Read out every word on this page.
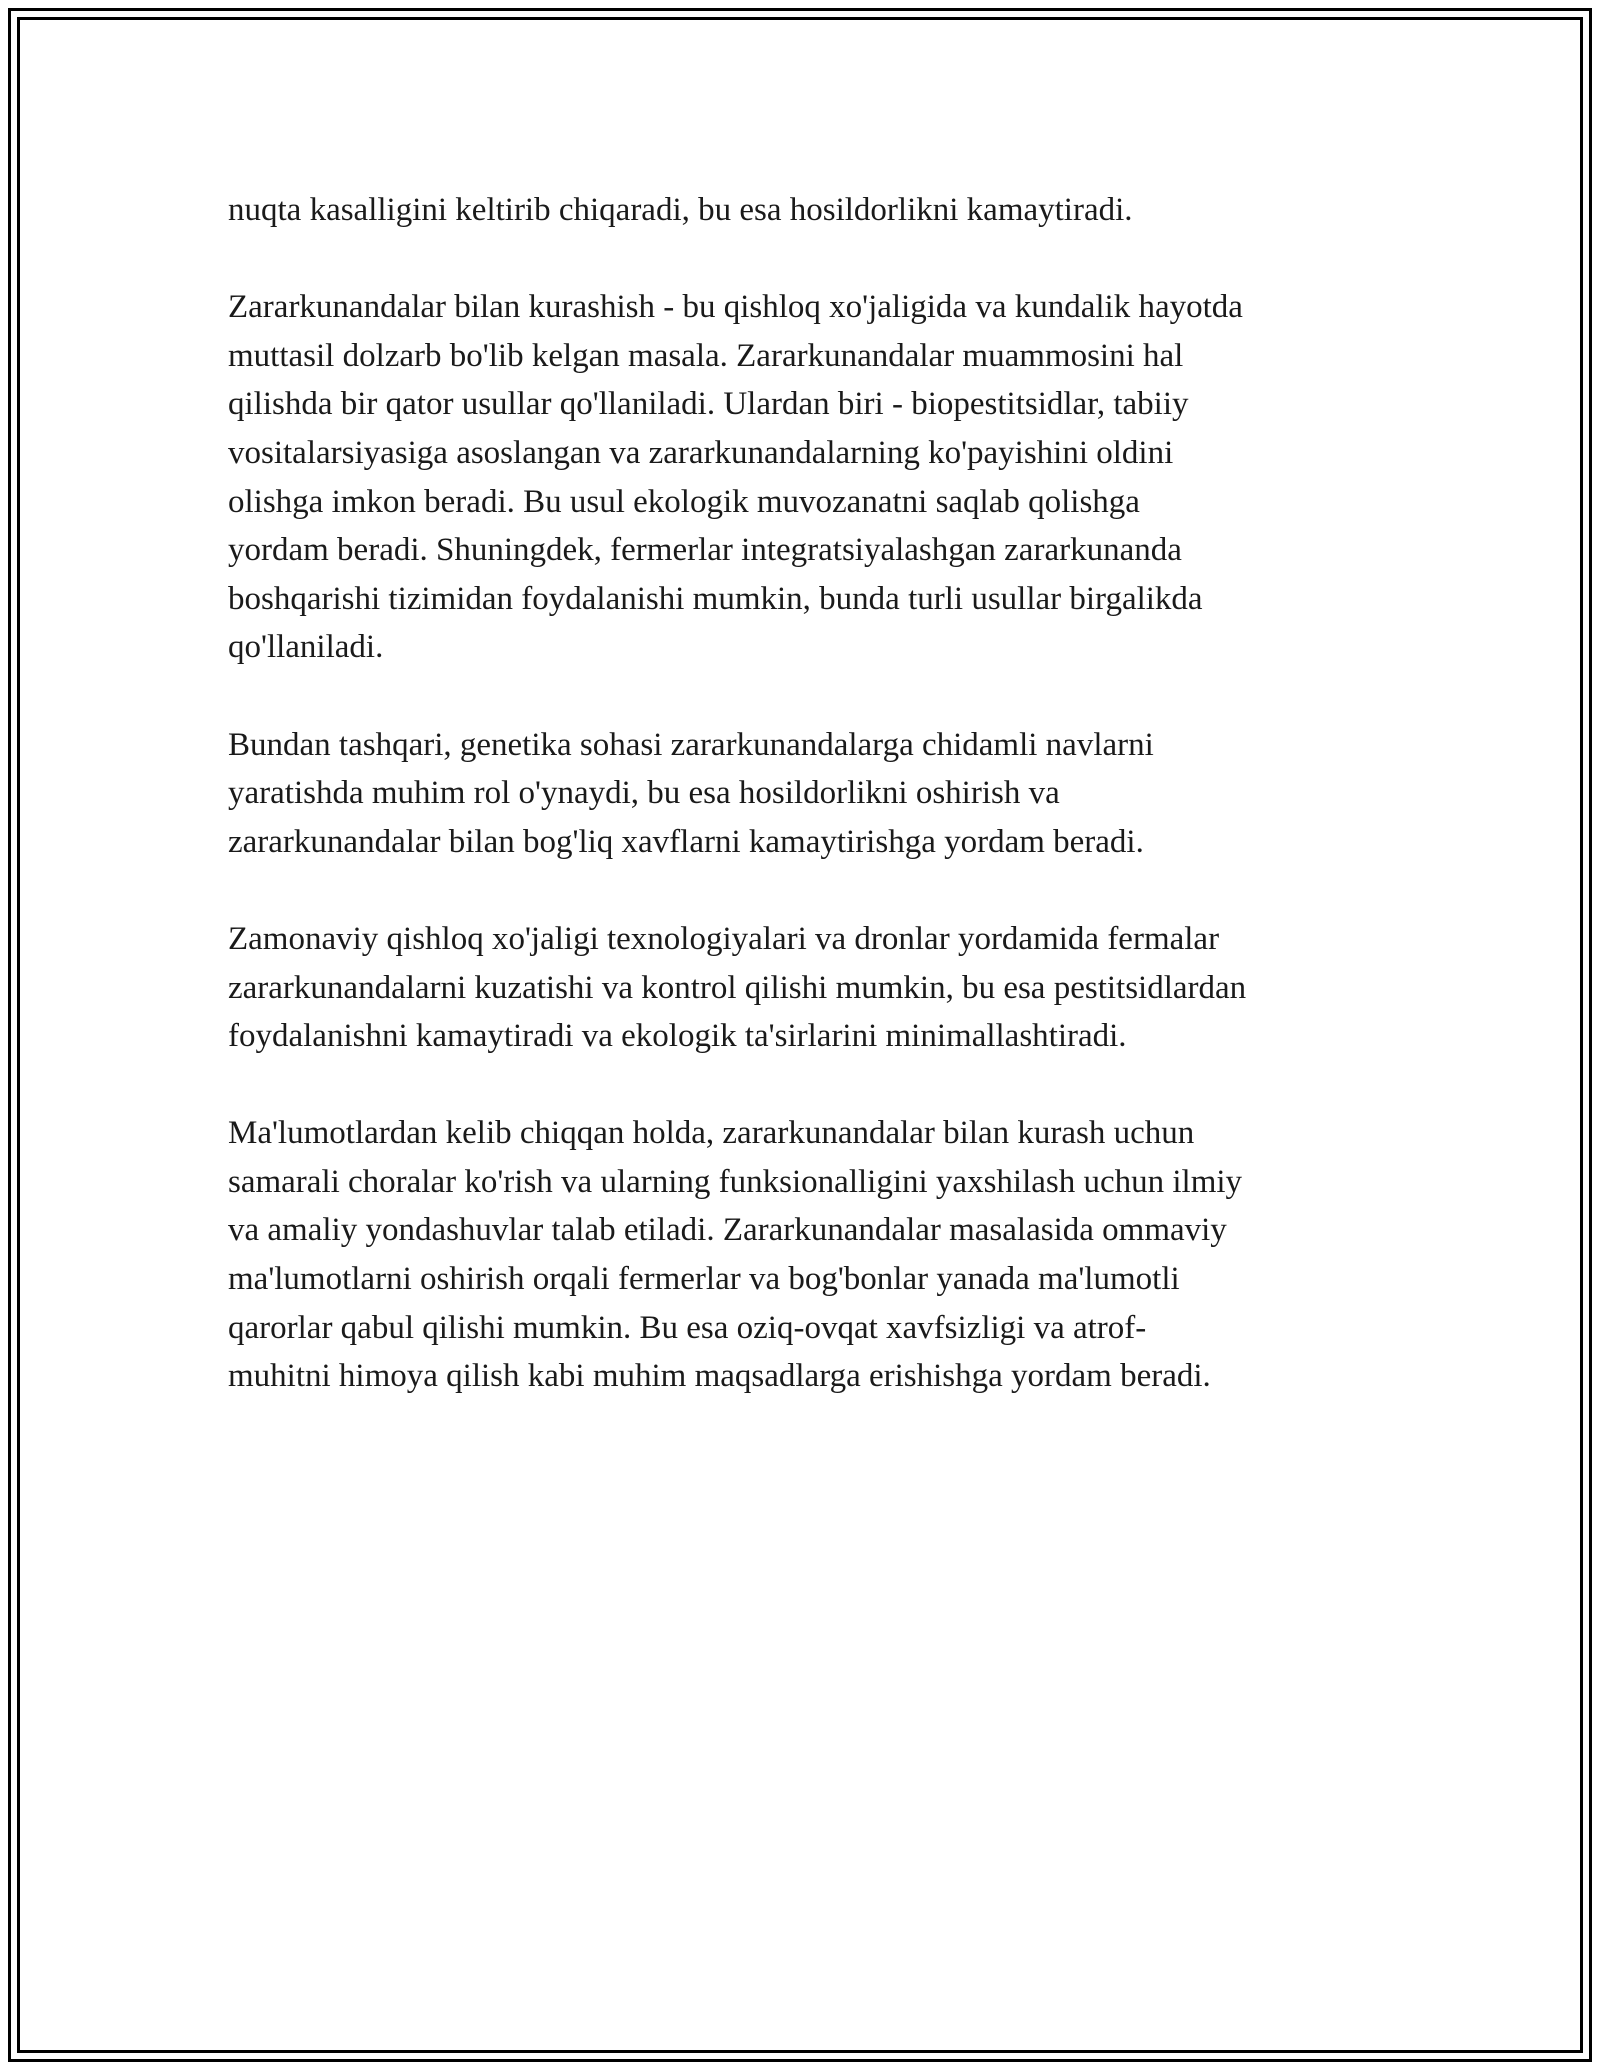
nuqta kasalligini keltirib chiqaradi, bu esa hosildorlikni kamaytiradi.

Zararkunandalar bilan kurashish - bu qishloq xo'jaligida va kundalik hayotda
muttasil dolzarb bo'lib kelgan masala. Zararkunandalar muammosini hal
qilishda bir qator usullar qo'llaniladi. Ulardan biri - biopestitsidlar, tabiiy
vositalarsiyasiga asoslangan va zararkunandalarning ko'payishini oldini
olishga imkon beradi. Bu usul ekologik muvozanatni saqlab qolishga
yordam beradi. Shuningdek, fermerlar integratsiyalashgan zararkunanda
boshqarishi tizimidan foydalanishi mumkin, bunda turli usullar birgalikda
qo'llaniladi.

Bundan tashqari, genetika sohasi zararkunandalarga chidamli navlarni
yaratishda muhim rol o'ynaydi, bu esa hosildorlikni oshirish va
zararkunandalar bilan bog'liq xavflarni kamaytirishga yordam beradi.

Zamonaviy qishloq xo'jaligi texnologiyalari va dronlar yordamida fermalar
zararkunandalarni kuzatishi va kontrol qilishi mumkin, bu esa pestitsidlardan
foydalanishni kamaytiradi va ekologik ta'sirlarini minimallashtiradi.

Ma'lumotlardan kelib chiqqan holda, zararkunandalar bilan kurash uchun
samarali choralar ko'rish va ularning funksionalligini yaxshilash uchun ilmiy
va amaliy yondashuvlar talab etiladi. Zararkunandalar masalasida ommaviy
ma'lumotlarni oshirish orqali fermerlar va bog'bonlar yanada ma'lumotli
qarorlar qabul qilishi mumkin. Bu esa oziq-ovqat xavfsizligi va atrof-
muhitni himoya qilish kabi muhim maqsadlarga erishishga yordam beradi.
